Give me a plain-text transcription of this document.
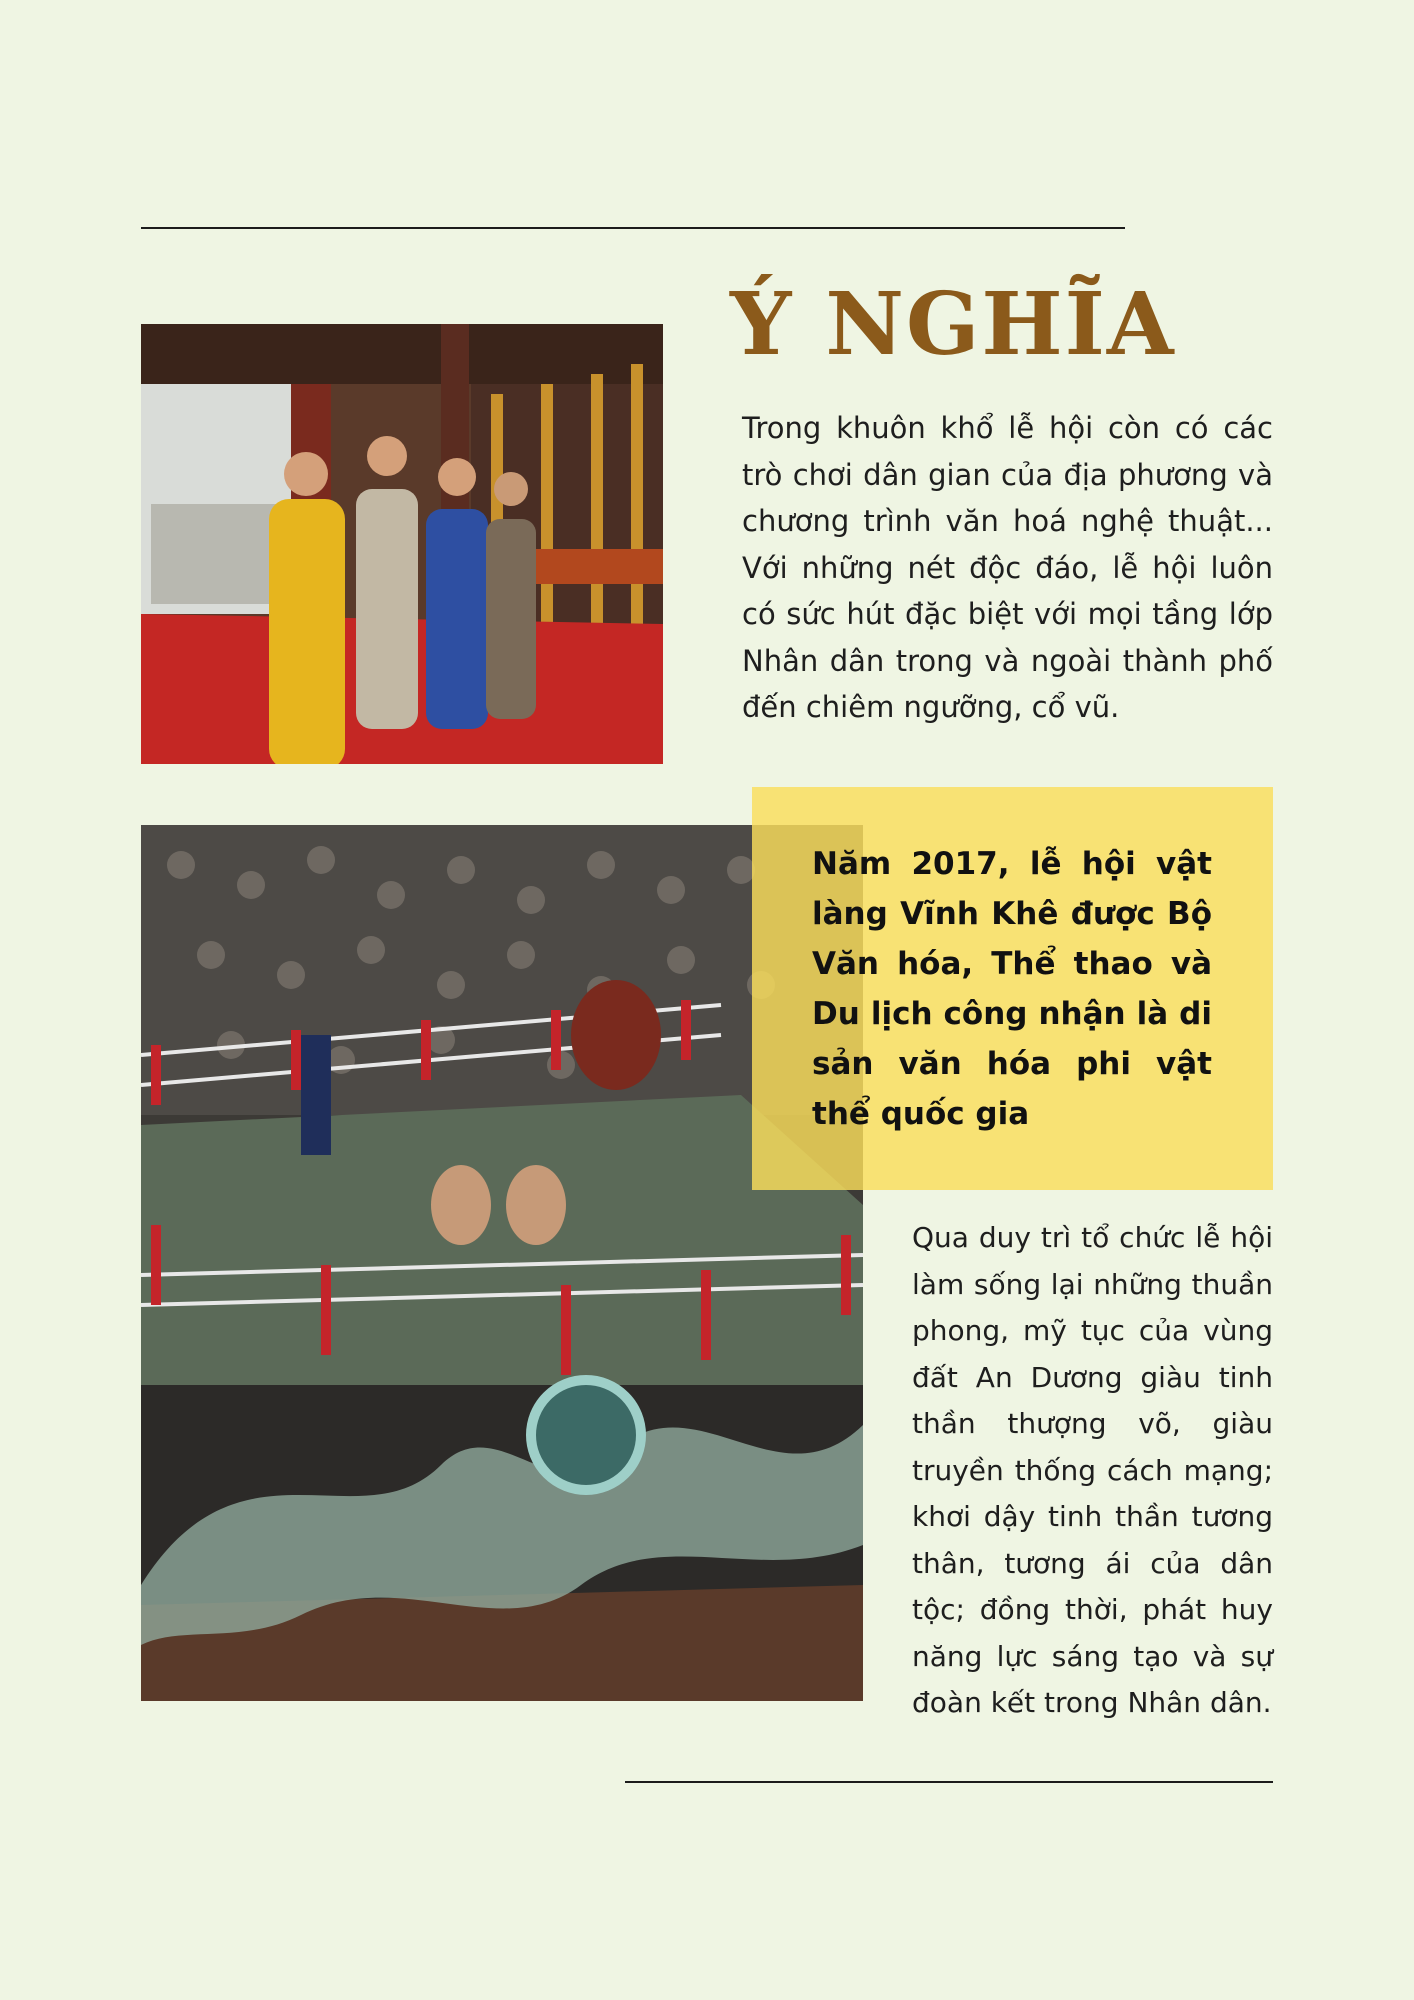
Ý NGHĨA

Trong khuôn khổ lễ hội còn có các trò chơi dân gian của địa phương và chương trình văn hoá nghệ thuật... Với những nét độc đáo, lễ hội luôn có sức hút đặc biệt với mọi tầng lớp Nhân dân trong và ngoài thành phố đến chiêm ngưỡng, cổ vũ.

Năm 2017, lễ hội vật làng Vĩnh Khê được Bộ Văn hóa, Thể thao và Du lịch công nhận là di sản văn hóa phi vật thể quốc gia

Qua duy trì tổ chức lễ hội làm sống lại những thuần phong, mỹ tục của vùng đất An Dương giàu tinh thần thượng võ, giàu truyền thống cách mạng; khơi dậy tinh thần tương thân, tương ái của dân tộc; đồng thời, phát huy năng lực sáng tạo và sự đoàn kết trong Nhân dân.
